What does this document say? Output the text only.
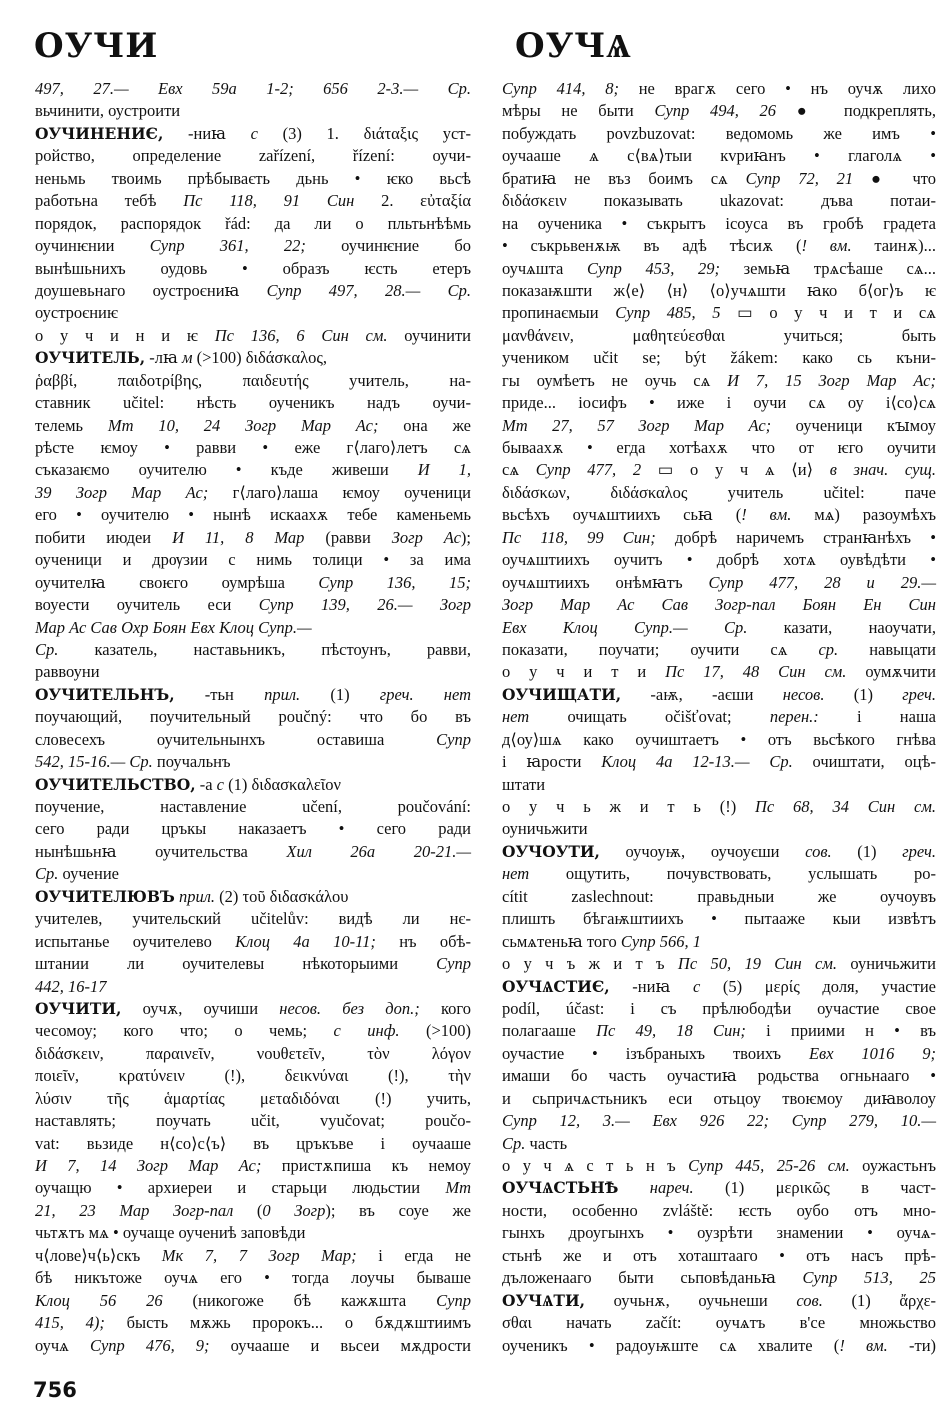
ОУЧИ	ОУЧѦ
497, 27.— Евх 59а 1-2; 656 2-3.— Ср.
вьчинити, оустроити
ОУЧИНЕНИЄ, -ниꙗ с (3) 1. διάταξις уст-
ройство, определение zařízení, řízení: оучи-
неньмь твоимь прѣбываєть дьнь • ѥко вьсѣ
работьна тебѣ Пс 118, 91 Син 2. εὐταξία
порядок, распорядок řád: да ли о пльтьнѣѣмь
оучинѥнии Супр 361, 22; оучинѥние бо
вынѣшьнихъ оудовь • образъ ѥсть етеръ
доушевьнаго оустроєниꙗ Супр 497, 28.— Ср.
оустроєниѥ
о у ч и н и ѥ Пс 136, 6 Син см. оучинити
ОУЧИТЕЛЬ, -лꙗ м (>100) διδάσκαλος,
ῥαββί, παιδοτρίβης, παιδευτής учитель, на-
ставник učitel: нѣсть оученикъ надъ оучи-
телемь Мт 10, 24 Зогр Мар Ас; она же
рѣсте ѥмоу • равви • еже г⟨лаго⟩летъ сѧ
съказаѥмо оучителю • къде живеши И 1,
39 Зогр Мар Ас; г⟨лаго⟩лаша ѥмоу оученици
его • оучителю • нынѣ искаахѫ тебе каменьемь
побити июдеи И 11, 8 Мар (равви Зогр Ас);
оученици и дрѹзии с нимь толици • за има
оучителꙗ своѥго оумрѣша Супр 136, 15;
воуести оучитель еси Супр 139, 26.— Зогр
Мар Ас Сав Охр Боян Евх Клоц Супр.—
Ср. казатель, наставьникъ, пѣстоунъ, равви,
раввоуни
ОУЧИТЕЛЬНЪ, -тьн прил. (1) греч. нет
поучающий, поучительный poučný: что бо въ
словесехъ оучительнынхъ оставиша Супр
542, 15-16.— Ср. поучальнъ
ОУЧИТЕЛЬСТВО, -а с (1) διδασκαλεῖον
поучение, наставление učení, poučování:
сего ради цръкы наказаетъ • сего ради
нынѣшьнꙗ оучительства Хил 26а 20-21.—
Ср. оучение
ОУЧИТЕЛЮВЪ прил. (2) τοῦ διδασκάλου
учителев, учительский učitelův: видѣ ли нє-
испытанье оучителево Клоц 4а 10-11; нъ обѣ-
штании ли оучителевы нѣкоторыими Супр
442, 16-17
ОУЧИТИ, оучѫ, оучиши несов. без доп.; кого
чесомоу; кого что; о чемь; с инф. (>100)
διδάσκειν, παραινεῖν, νουθετεῖν, τὸν λόγον
ποιεῖν, κρατύνειν (!), δεικνύναι (!), τὴν
λύσιν τῆς ἁμαρτίας μεταδιδόναι (!) учить,
наставлять; поучать učit, vyučovat; poučo-
vat: вьзиде н⟨со⟩с⟨ъ⟩ въ цръкъве і оучааше
И 7, 14 Зогр Мар Ас; пристѫпиша къ немоу
оучащю • архиереи и старьци людьстии Мт
21, 23 Мар Зогр-пал (0 Зогр); въ соуе же
чьтѫтъ мѧ • оучаще оучениѣ заповѣди
ч⟨лове⟩ч⟨ь⟩скъ Мк 7, 7 Зогр Мар; і егда не
бѣ никътоже оучѧ его • тогда лоучы бываше
Клоц 56 26 (никогоже бѣ кажѫшта Супр
415, 4); бысть мѫжь пророкъ... о бѫдѫштиимъ
оучѧ Супр 476, 9; оучааше и вьсеи мѫдрости
Супр 414, 8; не врагѫ сего • нъ оучѫ лихо
мѣры не быти Супр 494, 26 ● подкреплять,
побуждать povzbuzovat: ведомомь же имъ •
оучааше ѧ с⟨вѧ⟩тыи кvриꙗнъ • глаголѧ •
братиꙗ не въз боимъ сѧ Супр 72, 21 ● что
διδάσκειν показывать ukazovat: дъва потаи-
на оученика • съкрытъ ісоуса въ гробѣ градета
• съкрьвенѫѭ въ адѣ тѣсиѫ (! вм. таинѫ)...
оучѧшта Супр 453, 29; земьꙗ трѧсѣаше сѧ...
показаѭшти ж⟨е⟩ ⟨н⟩ ⟨о⟩учѧшти ꙗко б⟨ог⟩ъ ѥ
пропинаємыи Супр 485, 5 ▭ о у ч и т и сѧ
μανθάνειν, μαθητεύεσθαι учиться; быть
учеником učit se; být žákem: како сь къни-
гы оумѣетъ не оучь сѧ И 7, 15 Зогр Мар Ас;
приде... іосифъ • иже і оучи сѧ оу і⟨со⟩сѧ
Мт 27, 57 Зогр Мар Ас; оученици кꙑмоу
бываахѫ • егда хотѣахѫ что от ѥго оучити
сѧ Супр 477, 2 ▭ о у ч ѧ ⟨и⟩ в знач. сущ.
διδάσκων, διδάσκαλος учитель učitel: паче
вьсѣхъ оучѧштиихъ сьꙗ (! вм. мѧ) разоумѣхъ
Пс 118, 99 Син; добрѣ наричемъ странꙗнѣхъ •
оучѧштиихъ оучитъ • добрѣ хотѧ оувѣдѣти •
оучѧштиихъ онѣмꙗтъ Супр 477, 28 и 29.—
Зогр Мар Ас Сав Зогр-пал Боян Ен Син
Евх Клоц Супр.— Ср. казати, наоучати,
показати, поучати; оучити сѧ ср. навыцати
о у ч и т и Пс 17, 48 Син см. оумѫчити
ОУЧИЩАТИ, -аѭ, -аєши несов. (1) греч.
нет очищать očišťovat; перен.: і наша
д⟨оу⟩шѧ како оучиштаетъ • отъ вьсѣкого гнѣва
і ꙗрости Клоц 4а 12-13.— Ср. очиштати, оцѣ-
штати
о у ч ь ж и т ь (!) Пс 68, 34 Син см.
оуничьжити
ОУЧОУТИ, оучоуѭ, оучоуєши сов. (1) греч.
нет ощутить, почувствовать, услышать po-
cítit zaslechnout: правьдныи же оучоувъ
плишть бѣгаѭштиихъ • пытааже кыи извѣтъ
сьмѧтеньꙗ того Супр 566, 1
о у ч ъ ж и т ъ Пс 50, 19 Син см. оуничьжити
ОУЧѦСТИЄ, -ниꙗ с (5) μερίς доля, участие
podíl, účast: і съ прѣлюбодѣи оучастие свое
полагааше Пс 49, 18 Син; і приими н • въ
оучастие • ізъбраныхъ твоихъ Евх 1016 9;
имаши бо часть оучастиꙗ родьства огньнааго •
и сьпричѧстьникъ еси отьцоу твоѥмоу диꙗволоу
Супр 12, 3.— Евх 926 22; Супр 279, 10.—
Ср. часть
о у ч ѧ с т ь н ъ Супр 445, 25-26 см. оужастьнъ
ОУЧѦСТЬНѢ нареч. (1) μερικῶς в част-
ности, особенно zvláště: ѥсть оубо отъ мно-
гынхъ дроугынхъ • оузрѣти знамении • оучѧ-
стьнѣ же и отъ хоташтааго • отъ насъ прѣ-
дъложенааго быти сьповѣданьꙗ Супр 513, 25
ОУЧѦТИ, оучьнѫ, оучьнеши сов. (1) ἄρχε-
σθαι начать začít: оучѧтъ в'се множьство
оученикъ • радоуѭште сѧ хвалите (! вм. -ти)
756
